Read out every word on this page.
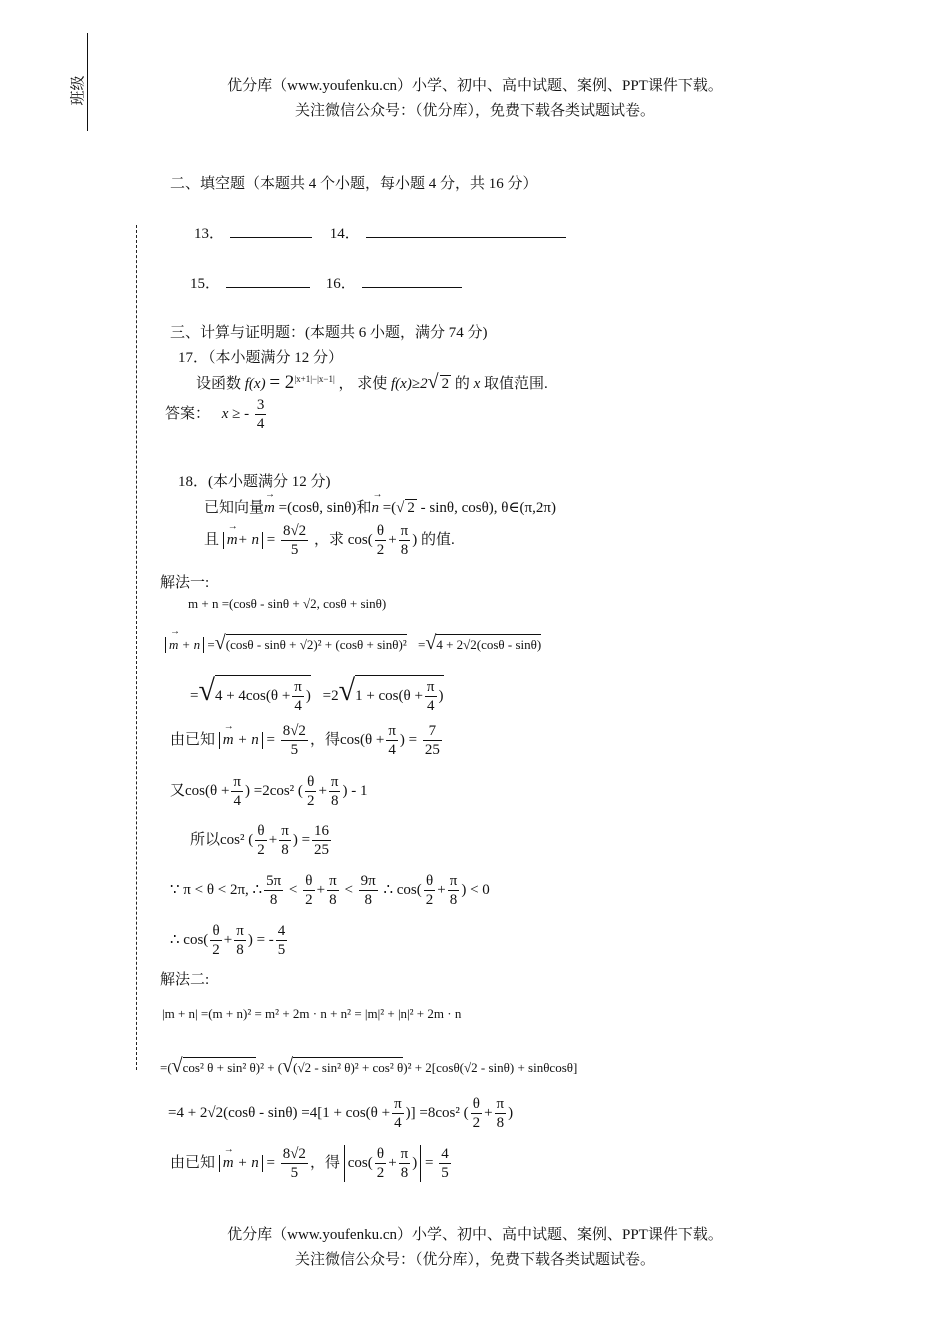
班级	优分库（www.youfenku.cn）小学、初中、高中试题、案例、PPT课件下载。
关注微信公众号：（优分库），免费下载各类试题试卷。
二、填空题（本题共 4 个小题，每小题 4 分，共 16 分）
13．	14．
15．	16．
三、计算与证明题：(本题共 6 小题，满分 74 分)
17．（本小题满分 12 分）
设函数 $f(x) = 2^{|x+1|-|x-1|}$ ， 求使 f(x)≥2√ 2 的 x 取值范围.
答案： x ≥ - $\frac{3}{4}$
18．(本小题满分 12 分)
已知向量→ m =(cosθ, sinθ)和→ n =(√ 2 - sinθ, cosθ), θ∈(π,2π)
且 → $m+ n = \frac{8√2}{5}$ ，求 $\cos( \frac{\theta}{2} + \frac{\pi}{8}$ ) 的值.
解法一:
m + n =(cosθ - sinθ + √2, cosθ + sinθ)
→ m + n =√(cosθ - sinθ + √2)² + (cosθ + sinθ)² =√4 + 2√2(cosθ - sinθ)
$=√4 + 4\cos(\theta + \frac{\pi}{4}$ ) $=2√1 + \cos(\theta + \frac{\pi}{4}$ )
由已知 → $m + n = \frac{8√2}{5}$ ，得$\cos(\theta + \frac{\pi}{4}$ ) = $\frac{7}{25}$
又$\cos(\theta + \frac{\pi}{4}$ ) =2cos² ( $\frac{\theta}{2} + \frac{\pi}{8}$ ) - 1
所以cos² ( $\frac{\theta}{2} + \frac{\pi}{8}$ ) = $\frac{16}{25}$
∵ π < θ < 2π, ∴ $\frac{5\pi}{8} < \frac{\theta}{2} + \frac{\pi}{8} < \frac{9\pi}{8}$ ∴ $\cos( \frac{\theta}{2} + \frac{\pi}{8}$ ) < 0
∴ $\cos( \frac{\theta}{2} + \frac{\pi}{8}$ ) = - $\frac{4}{5}$
解法二:
|m + n| =(m + n)² = m² + 2m · n + n² = |m|² + |n|² + 2m · n
=(√cos² θ + sin² θ)² + (√(√2 - sin² θ)² + cos² θ)² + 2[cosθ(√2 - sinθ) + sinθcosθ]
$=4 + 2√2(\cos\theta - \sin\theta) =4[1 + \cos(\theta + \frac{\pi}{4}$ )] =8cos² ( $\frac{\theta}{2} + \frac{\pi}{8}$ )
由已知 → $m + n = \frac{8√2}{5}$ ，得 $\cos( \frac{\theta}{2} + \frac{\pi}{8}$ ) = $\frac{4}{5}$
优分库（www.youfenku.cn）小学、初中、高中试题、案例、PPT课件下载。
关注微信公众号：（优分库），免费下载各类试题试卷。
